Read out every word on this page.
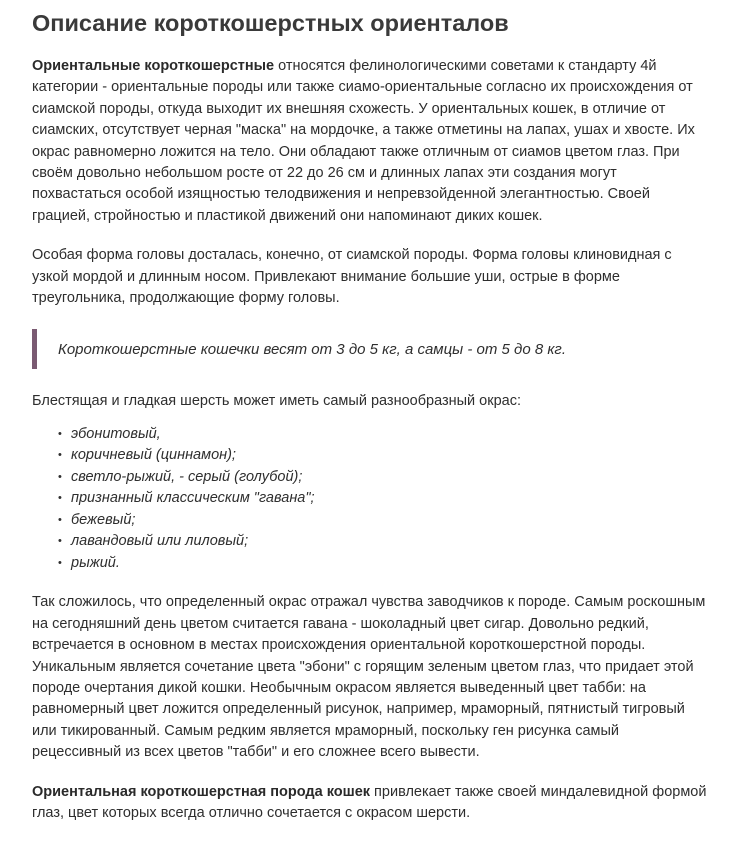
Описание короткошерстных ориенталов

Ориентальные короткошерстные относятся фелинологическими советами к стандарту 4й категории - ориентальные породы или также сиамо-ориентальные согласно их происхождения от сиамской породы, откуда выходит их внешняя схожесть. У ориентальных кошек, в отличие от сиамских, отсутствует черная "маска" на мордочке, а также отметины на лапах, ушах и хвосте. Их окрас равномерно ложится на тело. Они обладают также отличным от сиамов цветом глаз. При своём довольно небольшом росте от 22 до 26 см и длинных лапах эти создания могут похвастаться особой изящностью телодвижения и непревзойденной элегантностью. Своей грацией, стройностью и пластикой движений они напоминают диких кошек.

Особая форма головы досталась, конечно, от сиамской породы. Форма головы клиновидная с узкой мордой и длинным носом. Привлекают внимание большие уши, острые в форме треугольника, продолжающие форму головы.

Короткошерстные кошечки весят от 3 до 5 кг, а самцы - от 5 до 8 кг.

Блестящая и гладкая шерсть может иметь самый разнообразный окрас:

• эбонитовый,
• коричневый (циннамон);
• светло-рыжий, - серый (голубой);
• признанный классическим "гавана";
• бежевый;
• лавандовый или лиловый;
• рыжий.

Так сложилось, что определенный окрас отражал чувства заводчиков к породе. Самым роскошным на сегодняшний день цветом считается гавана - шоколадный цвет сигар. Довольно редкий, встречается в основном в местах происхождения ориентальной короткошерстной породы. Уникальным является сочетание цвета "эбони" с горящим зеленым цветом глаз, что придает этой породе очертания дикой кошки. Необычным окрасом является выведенный цвет табби: на равномерный цвет ложится определенный рисунок, например, мраморный, пятнистый тигровый или тикированный. Самым редким является мраморный, поскольку ген рисунка самый рецессивный из всех цветов "табби" и его сложнее всего вывести.

Ориентальная короткошерстная порода кошек привлекает также своей миндалевидной формой глаз, цвет которых всегда отлично сочетается с окрасом шерсти.
